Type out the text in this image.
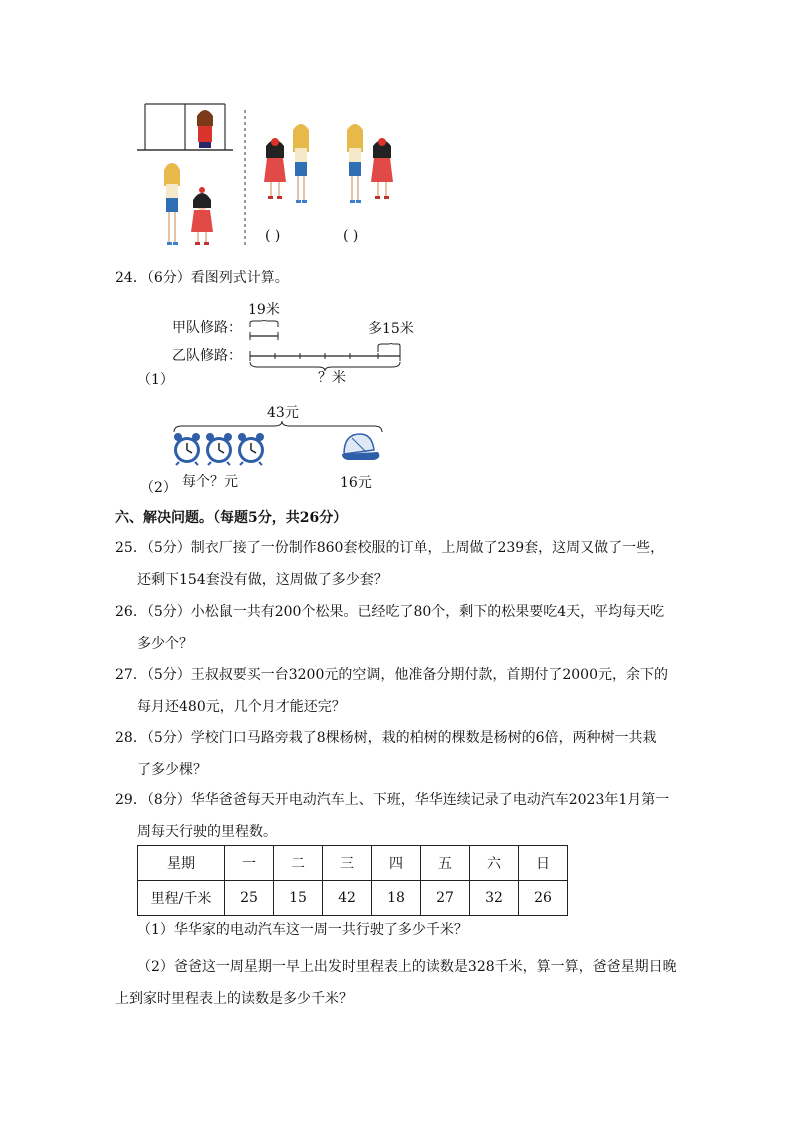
( )	( )
24．（6分）看图列式计算。
19米
甲队修路：	多15米
乙队修路：
（1）	？米
43元
（2） 每个？元	16元
六、解决问题。（每题5分，共26分）
25．（5分）制衣厂接了一份制作860套校服的订单，上周做了239套，这周又做了一些，
还剩下154套没有做，这周做了多少套？
26．（5分）小松鼠一共有200个松果。已经吃了80个，剩下的松果要吃4天，平均每天吃
多少个？
27．（5分）王叔叔要买一台3200元的空调，他准备分期付款，首期付了2000元，余下的
每月还480元，几个月才能还完？
28．（5分）学校门口马路旁栽了8棵杨树，栽的柏树的棵数是杨树的6倍，两种树一共栽
了多少棵？
29．（8分）华华爸爸每天开电动汽车上、下班，华华连续记录了电动汽车2023年1月第一
周每天行驶的里程数。
星期	一	二	三	四	五	六	日
里程/千米	25	15	42	18	27	32	26
（1）华华家的电动汽车这一周一共行驶了多少千米？
（2）爸爸这一周星期一早上出发时里程表上的读数是328千米，算一算，爸爸星期日晚
上到家时里程表上的读数是多少千米？
